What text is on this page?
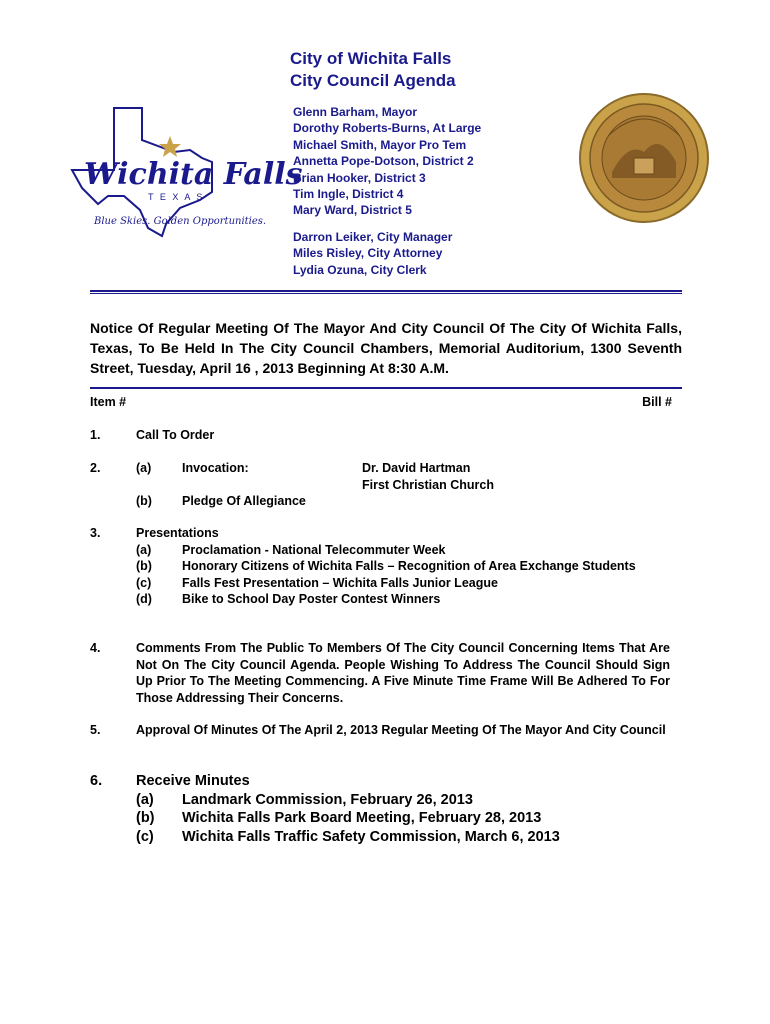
Wichita Falls
T E X A S
Blue Skies. Golden Opportunities.

City of Wichita Falls

City Council Agenda

Glenn Barham, Mayor
Dorothy Roberts-Burns, At Large
Michael Smith, Mayor Pro Tem
Annetta Pope-Dotson, District 2
Brian Hooker, District 3
Tim Ingle, District 4
Mary Ward, District 5
Darron Leiker, City Manager
Miles Risley, City Attorney
Lydia Ozuna, City Clerk
Notice Of Regular Meeting Of The Mayor And City Council Of The City Of Wichita Falls, Texas, To Be Held In The City Council Chambers, Memorial Auditorium, 1300 Seventh Street, Tuesday, April 16 , 2013 Beginning At 8:30 A.M.
Item #	Bill #
1.	Call To Order
2.	(a) Invocation:	Dr. David Hartman
First Christian Church
(b) Pledge Of Allegiance
3.	Presentations
(a) Proclamation - National Telecommuter Week
(b) Honorary Citizens of Wichita Falls – Recognition of Area Exchange Students
(c) Falls Fest Presentation – Wichita Falls Junior League
(d) Bike to School Day Poster Contest Winners
4.	Comments From The Public To Members Of The City Council Concerning Items That Are Not On The City Council Agenda. People Wishing To Address The Council Should Sign Up Prior To The Meeting Commencing. A Five Minute Time Frame Will Be Adhered To For Those Addressing Their Concerns.
5.	Approval Of Minutes Of The April 2, 2013 Regular Meeting Of The Mayor And City Council
6. Receive Minutes
(a) Landmark Commission, February 26, 2013
(b) Wichita Falls Park Board Meeting, February 28, 2013
(c) Wichita Falls Traffic Safety Commission, March 6, 2013
